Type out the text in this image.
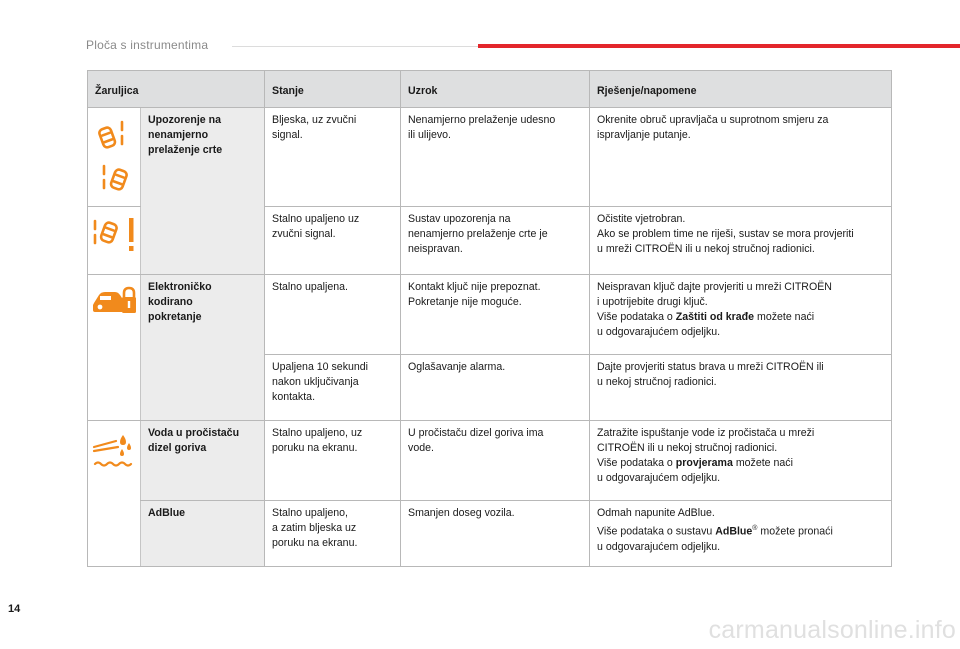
Ploča s instrumentima
Žaruljica		Stanje	Uzrok	Rješenje/napomene

Upozorenje na
nenamjerno
prelaženje crte	Bljeska, uz zvučni
signal.	Nenamjerno prelaženje udesno
ili ulijevo.	Okrenite obruč upravljača u suprotnom smjeru za
ispravljanje putanje.

Stalno upaljeno uz
zvučni signal.	Sustav upozorenja na
nenamjerno prelaženje crte je
neispravan.	Očistite vjetrobran.
Ako se problem time ne riješi, sustav se mora provjeriti
u mreži CITROËN ili u nekoj stručnoj radionici.

Elektroničko
kodirano
pokretanje	Stalno upaljena.	Kontakt ključ nije prepoznat.
Pokretanje nije moguće.	Neispravan ključ dajte provjeriti u mreži CITROËN
i upotrijebite drugi ključ.
Više podataka o Zaštiti od krađe možete naći
u odgovarajućem odjeljku.

		Upaljena 10 sekundi
nakon uključivanja
kontakta.	Oglašavanje alarma.	Dajte provjeriti status brava u mreži CITROËN ili
u nekoj stručnoj radionici.

Voda u pročistaču
dizel goriva	Stalno upaljeno, uz
poruku na ekranu.	U pročistaču dizel goriva ima
vode.	Zatražite ispuštanje vode iz pročistača u mreži
CITROËN ili u nekoj stručnoj radionici.
Više podataka o provjerama možete naći
u odgovarajućem odjeljku.

	AdBlue	Stalno upaljeno,
a zatim bljeska uz
poruku na ekranu.	Smanjen doseg vozila.	Odmah napunite AdBlue.
Više podataka o sustavu AdBlue® možete pronaći
u odgovarajućem odjeljku.
14
carmanualsonline.info
